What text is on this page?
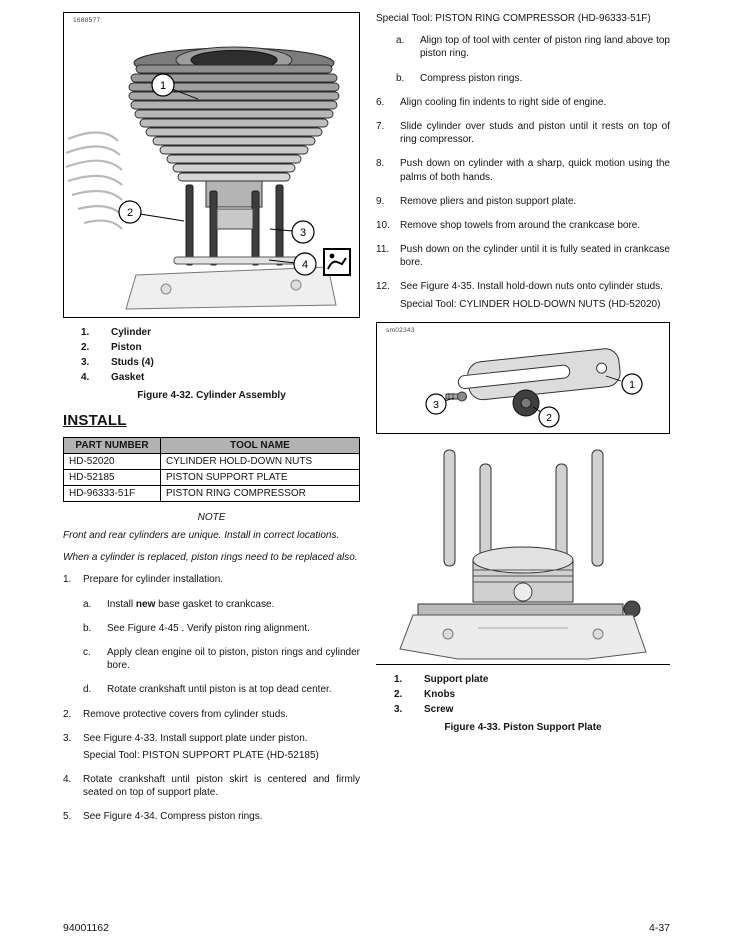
1688577
1
2
3
4
1.	Cylinder
2.	Piston
3.	Studs (4)
4.	Gasket
Figure 4-32. Cylinder Assembly
INSTALL
PART NUMBER	TOOL NAME
HD-52020	CYLINDER HOLD-DOWN NUTS
HD-52185	PISTON SUPPORT PLATE
HD-96333-51F	PISTON RING COMPRESSOR
NOTE

Front and rear cylinders are unique. Install in correct locations.

When a cylinder is replaced, piston rings need to be replaced also.

1.	Prepare for cylinder installation.
a.	Install new base gasket to crankcase.
b.	See Figure 4-45 . Verify piston ring alignment.
c.	Apply clean engine oil to piston, piston rings and cylinder bore.
d.	Rotate crankshaft until piston is at top dead center.
2.	Remove protective covers from cylinder studs.
3.	See Figure 4-33. Install support plate under piston.
Special Tool: PISTON SUPPORT PLATE (HD-52185)
4.	Rotate crankshaft until piston skirt is centered and firmly seated on top of support plate.
5.	See Figure 4-34. Compress piston rings.

Special Tool: PISTON RING COMPRESSOR (HD-96333-51F)

a.	Align top of tool with center of piston ring land above top piston ring.
b.	Compress piston rings.
6.	Align cooling fin indents to right side of engine.
7.	Slide cylinder over studs and piston until it rests on top of ring compressor.
8.	Push down on cylinder with a sharp, quick motion using the palms of both hands.
9.	Remove pliers and piston support plate.
10.	Remove shop towels from around the crankcase bore.
11.	Push down on the cylinder until it is fully seated in crankcase bore.
12.	See Figure 4-35. Install hold-down nuts onto cylinder studs.
Special Tool: CYLINDER HOLD-DOWN NUTS (HD-52020)
sm02343
1
2
3
1.	Support plate
2.	Knobs
3.	Screw
Figure 4-33. Piston Support Plate
94001162	4-37
